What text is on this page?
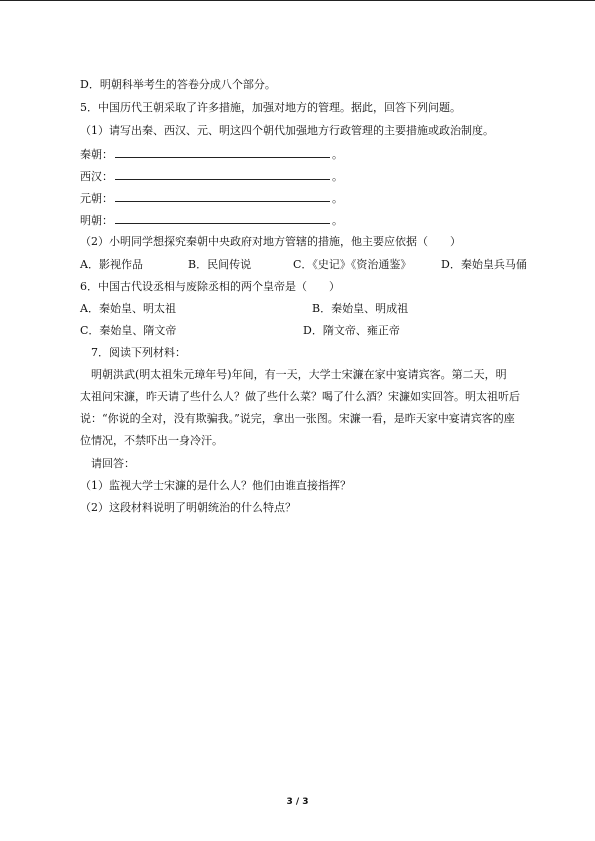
D．明朝科举考生的答卷分成八个部分。
5．中国历代王朝采取了许多措施，加强对地方的管理。据此，回答下列问题。
（1）请写出秦、西汉、元、明这四个朝代加强地方行政管理的主要措施或政治制度。
秦朝：	。
西汉：	。
元朝：	。
明朝：	。
（2）小明同学想探究秦朝中央政府对地方管辖的措施，他主要应依据（　　）
A．影视作品	B．民间传说	C．《史记》《资治通鉴》	D．秦始皇兵马俑
6．中国古代设丞相与废除丞相的两个皇帝是（　　）
A．秦始皇、明太祖	B．秦始皇、明成祖
C．秦始皇、隋文帝	D．隋文帝、雍正帝
7．阅读下列材料：
明朝洪武(明太祖朱元璋年号)年间，有一天，大学士宋濂在家中宴请宾客。第二天，明
太祖问宋濂，昨天请了些什么人？做了些什么菜？喝了什么酒？宋濂如实回答。明太祖听后
说：“你说的全对，没有欺骗我。”说完，拿出一张图。宋濂一看，是昨天家中宴请宾客的座
位情况，不禁吓出一身冷汗。
请回答：
（1）监视大学士宋濂的是什么人？他们由谁直接指挥？
（2）这段材料说明了明朝统治的什么特点？
3 / 3
